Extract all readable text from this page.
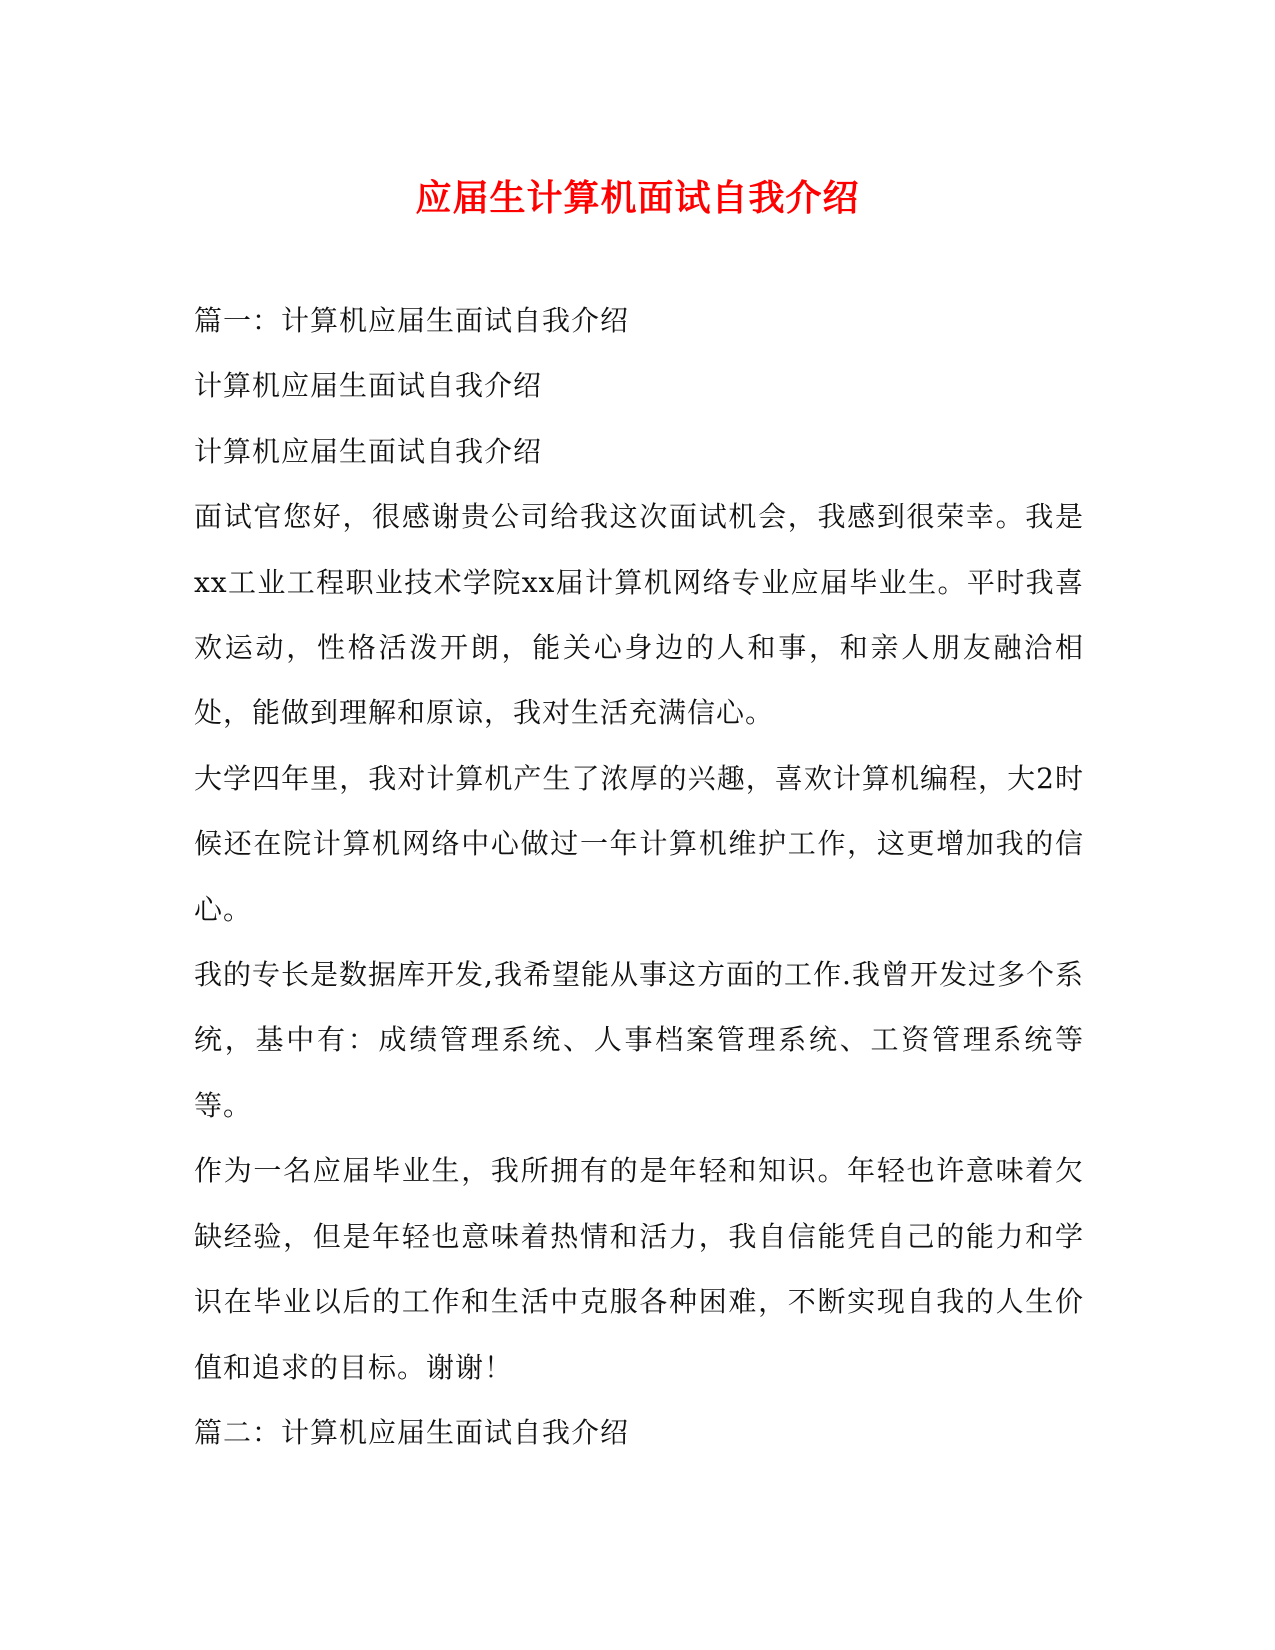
应届生计算机面试自我介绍

篇一：计算机应届生面试自我介绍

计算机应届生面试自我介绍

计算机应届生面试自我介绍

面试官您好，很感谢贵公司给我这次面试机会，我感到很荣幸。我是xx工业工程职业技术学院xx届计算机网络专业应届毕业生。平时我喜欢运动，性格活泼开朗，能关心身边的人和事，和亲人朋友融洽相处，能做到理解和原谅，我对生活充满信心。

大学四年里，我对计算机产生了浓厚的兴趣，喜欢计算机编程，大2时候还在院计算机网络中心做过一年计算机维护工作，这更增加我的信心。

我的专长是数据库开发,我希望能从事这方面的工作.我曾开发过多个系统，基中有：成绩管理系统、人事档案管理系统、工资管理系统等等。

作为一名应届毕业生，我所拥有的是年轻和知识。年轻也许意味着欠缺经验，但是年轻也意味着热情和活力，我自信能凭自己的能力和学识在毕业以后的工作和生活中克服各种困难，不断实现自我的人生价值和追求的目标。谢谢！

篇二：计算机应届生面试自我介绍
